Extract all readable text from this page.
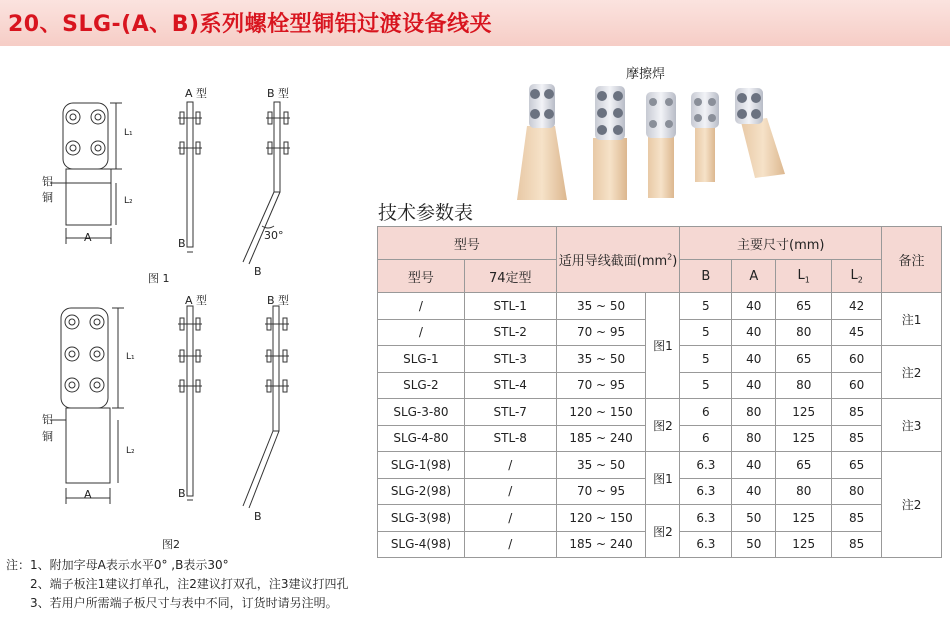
20、SLG-(A、B)系列螺栓型铜铝过渡设备线夹
A 型	B 型
L₁
L₂
铝
铜
A	B
30°
B
图 1
A 型	B 型
L₁
L₂
铝
铜
A	B
B
图2
摩擦焊
技术参数表
型号		适用导线截面$(mm^2)$		主要尺寸(mm)				备注
型号	74定型			B	A	$L_1$	$L_2$
/	STL-1	35 ~ 50	图1	5	40	65	42	注1
/	STL-2	70 ~ 95		5	40	80	45	
SLG-1	STL-3	35 ~ 50		5	40	65	60	注2
SLG-2	STL-4	70 ~ 95		5	40	80	60	
SLG-3-80	STL-7	120 ~ 150	图2	6	80	125	85	注3
SLG-4-80	STL-8	185 ~ 240		6	80	125	85	
SLG-1(98)	/	35 ~ 50	图1	6.3	40	65	65	注2
SLG-2(98)	/	70 ~ 95		6.3	40	80	80	
SLG-3(98)	/	120 ~ 150	图2	6.3	50	125	85	
SLG-4(98)	/	185 ~ 240		6.3	50	125	85	
注：1、附加字母A表示水平0° ,B表示30°
2、端子板注1建议打单孔，注2建议打双孔，注3建议打四孔
3、若用户所需端子板尺寸与表中不同，订货时请另注明。
